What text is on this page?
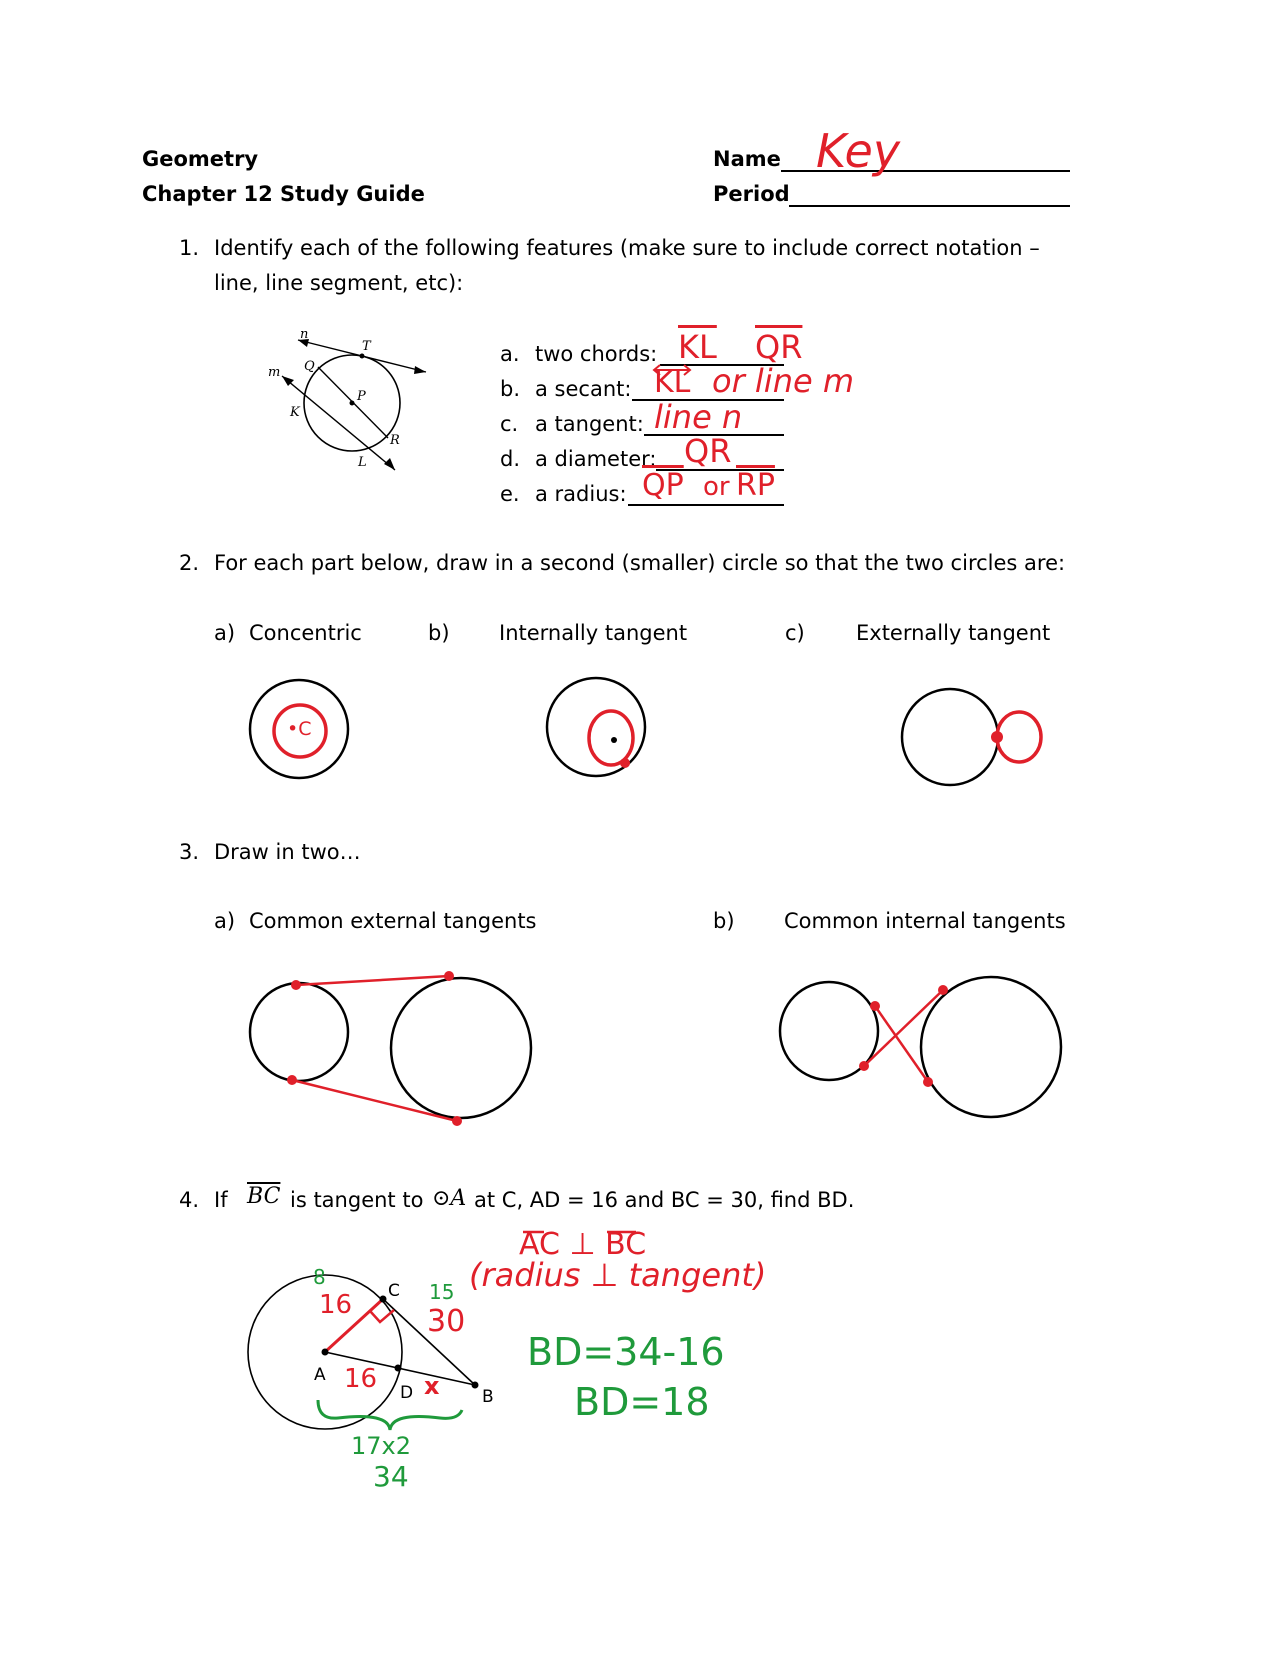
Geometry
Chapter 12 Study Guide
Name Key
Period
1. Identify each of the following features (make sure to include correct notation –
line, line segment, etc):
n
m
T
Q
P
K
R
L
a. two chords: $\overline{KL}$ $\overline{QR}$
b. a secant: KL or line m
c. a tangent: line n
d. a diameter: QR
e. a radius: $\overline{QP}$ or $\overline{RP}$
2. For each part below, draw in a second (smaller) circle so that the two circles are:
a) Concentric	b) Internally tangent	c) Externally tangent
•C
3. Draw in two…
a) Common external tangents	b) Common internal tangents
4. If $\overline{BC}$ is tangent to ⊙A at C, AD = 16 and BC = 30, find BD.
C
A
D	B
AC ⊥ BC
(radius ⊥ tangent)
8
16	15
30
16 x
17x2
34
BD=34-16
BD=18
